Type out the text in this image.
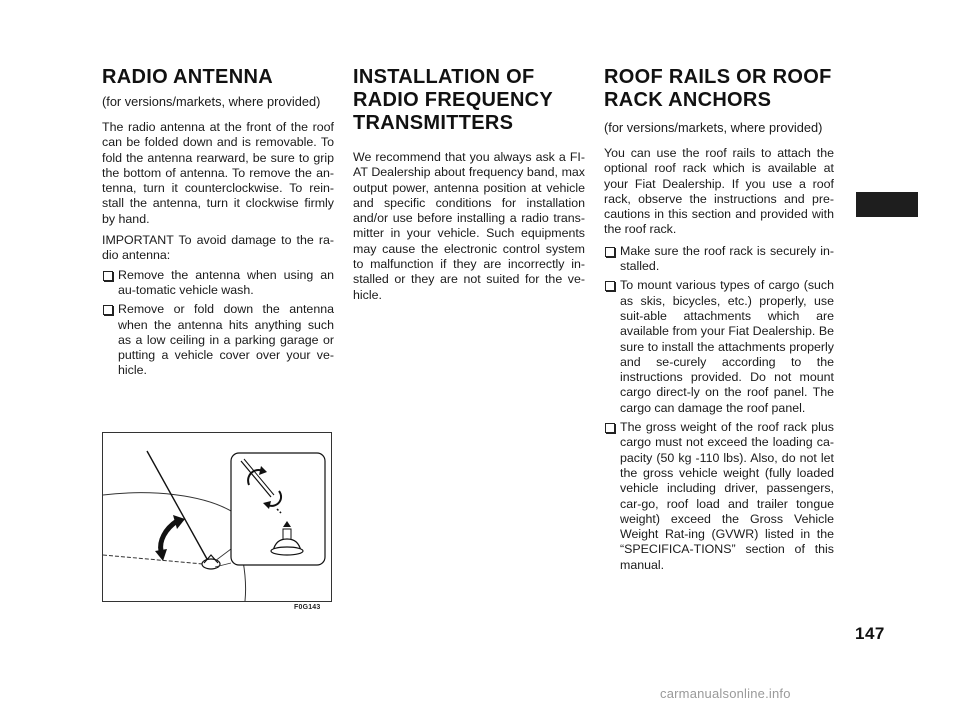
RADIO ANTENNA

(for versions/markets, where provided)

The radio antenna at the front of the roof can be folded down and is removable. To fold the antenna rearward, be sure to grip the bottom of antenna. To remove the an-tenna, turn it counterclockwise. To rein-stall the antenna, turn it clockwise firmly by hand.

IMPORTANT To avoid damage to the ra-dio antenna:

Remove the antenna when using an au-tomatic vehicle wash.
Remove or fold down the antenna when the antenna hits anything such as a low ceiling in a parking garage or putting a vehicle cover over your ve-hicle.
INSTALLATION OF
RADIO FREQUENCY
TRANSMITTERS

We recommend that you always ask a FI-AT Dealership about frequency band, max output power, antenna position at vehicle and specific conditions for installation and/or use before installing a radio trans-mitter in your vehicle. Such equipments may cause the electronic control system to malfunction if they are incorrectly in-stalled or they are not suited for the ve-hicle.

ROOF RAILS OR ROOF
RACK ANCHORS

(for versions/markets, where provided)

You can use the roof rails to attach the optional roof rack which is available at your Fiat Dealership. If you use a roof rack, observe the instructions and pre-cautions in this section and provided with the roof rack.

Make sure the roof rack is securely in-stalled.
To mount various types of cargo (such as skis, bicycles, etc.) properly, use suit-able attachments which are available from your Fiat Dealership. Be sure to install the attachments properly and se-curely according to the instructions provided. Do not mount cargo direct-ly on the roof panel. The cargo can damage the roof panel.
The gross weight of the roof rack plus cargo must not exceed the loading ca-pacity (50 kg -110 lbs). Also, do not let the gross vehicle weight (fully loaded vehicle including driver, passengers, car-go, roof load and trailer tongue weight) exceed the Gross Vehicle Weight Rat-ing (GVWR) listed in the “SPECIFICA-TIONS” section of this manual.
F0G143
147
carmanualsonline.info
